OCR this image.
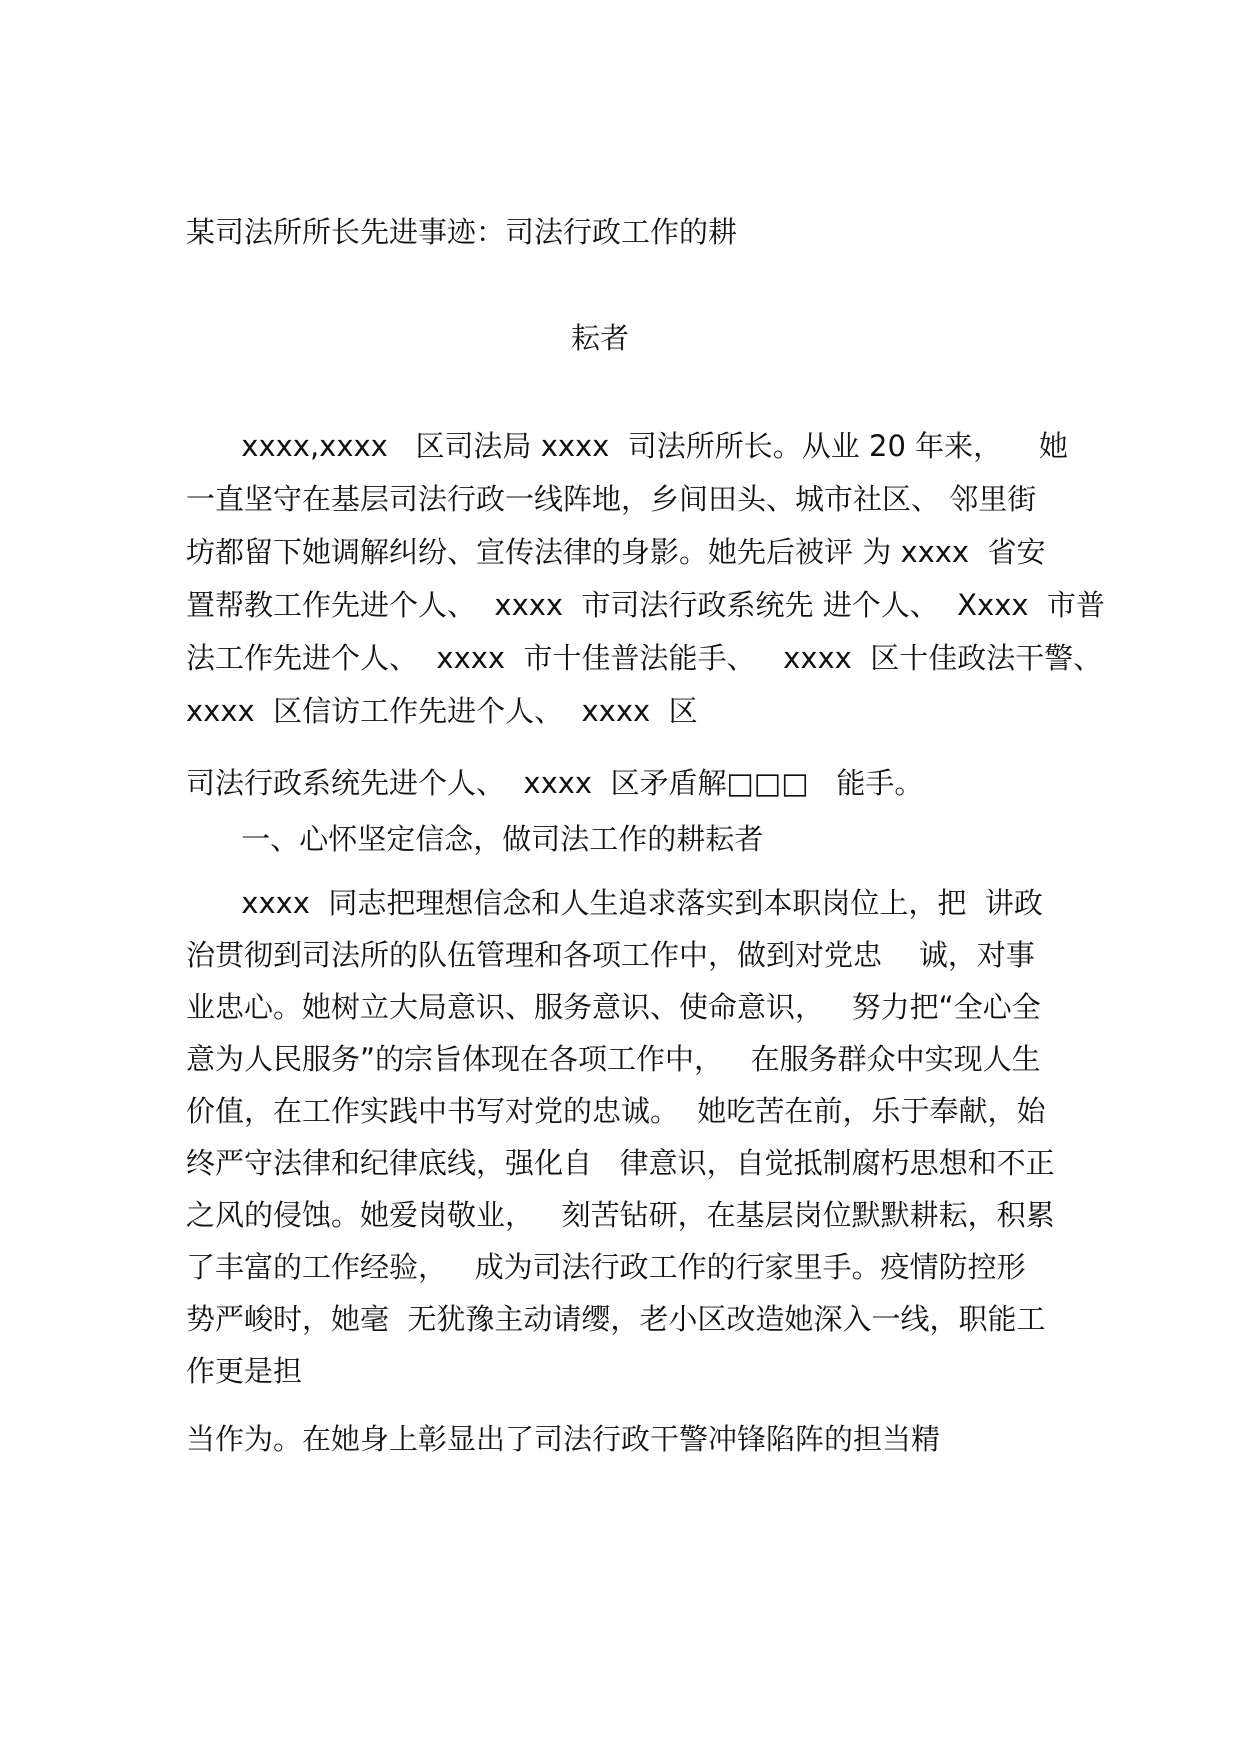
某司法所所长先进事迹：司法行政工作的耕
耘者
xxxx,xxxx   区司法局 xxxx  司法所所长。从业 20 年来，    她
一直坚守在基层司法行政一线阵地，乡间田头、城市社区、 邻里街
坊都留下她调解纠纷、宣传法律的身影。她先后被评 为 xxxx  省安
置帮教工作先进个人、  xxxx  市司法行政系统先 进个人、  Xxxx  市普
法工作先进个人、  xxxx  市十佳普法能手、   xxxx  区十佳政法干警、
xxxx  区信访工作先进个人、  xxxx  区
司法行政系统先进个人、  xxxx  区矛盾解□□□   能手。
一、心怀坚定信念，做司法工作的耕耘者
xxxx  同志把理想信念和人生追求落实到本职岗位上，把  讲政
治贯彻到司法所的队伍管理和各项工作中，做到对党忠    诚，对事
业忠心。她树立大局意识、服务意识、使命意识，   努力把“全心全
意为人民服务”的宗旨体现在各项工作中，   在服务群众中实现人生
价值，在工作实践中书写对党的忠诚。  她吃苦在前，乐于奉献，始
终严守法律和纪律底线，强化自   律意识，自觉抵制腐朽思想和不正
之风的侵蚀。她爱岗敬业，   刻苦钻研，在基层岗位默默耕耘，积累
了丰富的工作经验，   成为司法行政工作的行家里手。疫情防控形
势严峻时，她毫  无犹豫主动请缨，老小区改造她深入一线，职能工
作更是担
当作为。在她身上彰显出了司法行政干警冲锋陷阵的担当精
